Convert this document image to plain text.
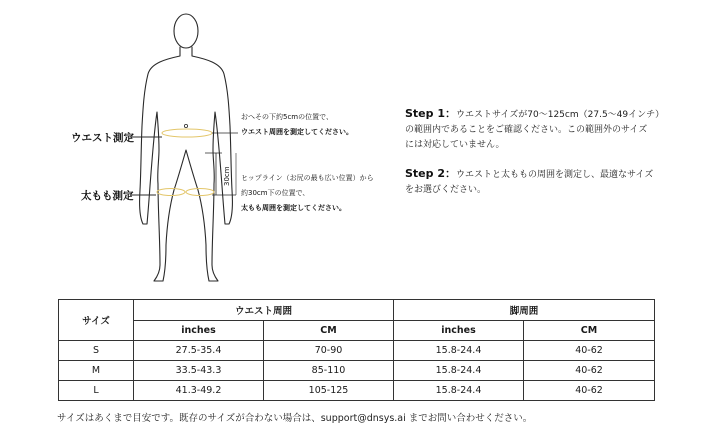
30cm
ウエスト測定
太もも測定
おへその下約5cmの位置で、
ウエスト周囲を測定してください。
ヒップライン（お尻の最も広い位置）から
約30cm下の位置で、
太もも周囲を測定してください。
Step 1：ウエストサイズが70～125cm（27.5～49インチ）
の範囲内であることをご確認ください。この範囲外のサイズ
には対応していません。
Step 2：ウエストと太ももの周囲を測定し、最適なサイズ
をお選びください。
サイズ	ウエスト周囲		脚周囲	
	inches	CM	inches	CM
S	27.5-35.4	70-90	15.8-24.4	40-62
M	33.5-43.3	85-110	15.8-24.4	40-62
L	41.3-49.2	105-125	15.8-24.4	40-62
サイズはあくまで目安です。既存のサイズが合わない場合は、support@dnsys.ai までお問い合わせください。
